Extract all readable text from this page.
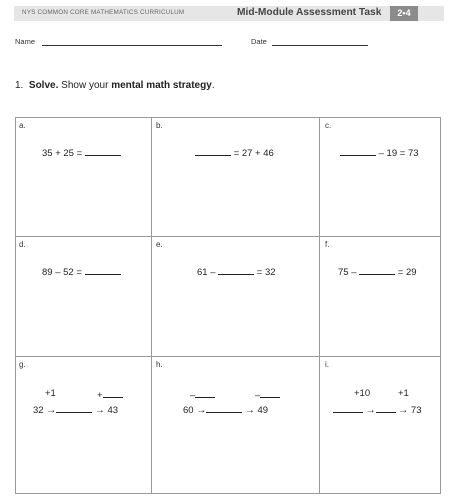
NYS COMMON CORE MATHEMATICS CURRICULUM	Mid-Module Assessment Task	2•4
Name	Date
1. Solve. Show your mental math strategy.
a.
35 + 25 =
b.
= 27 + 46
c.
– 19 = 73
d.
89 – 52 =
e.
61 –	= 32
f.
75 –	= 29
g.
+1	+
32 →	→ 43
h.
–	–
60 →	→ 49
i.
+10	+1
→ → 73
